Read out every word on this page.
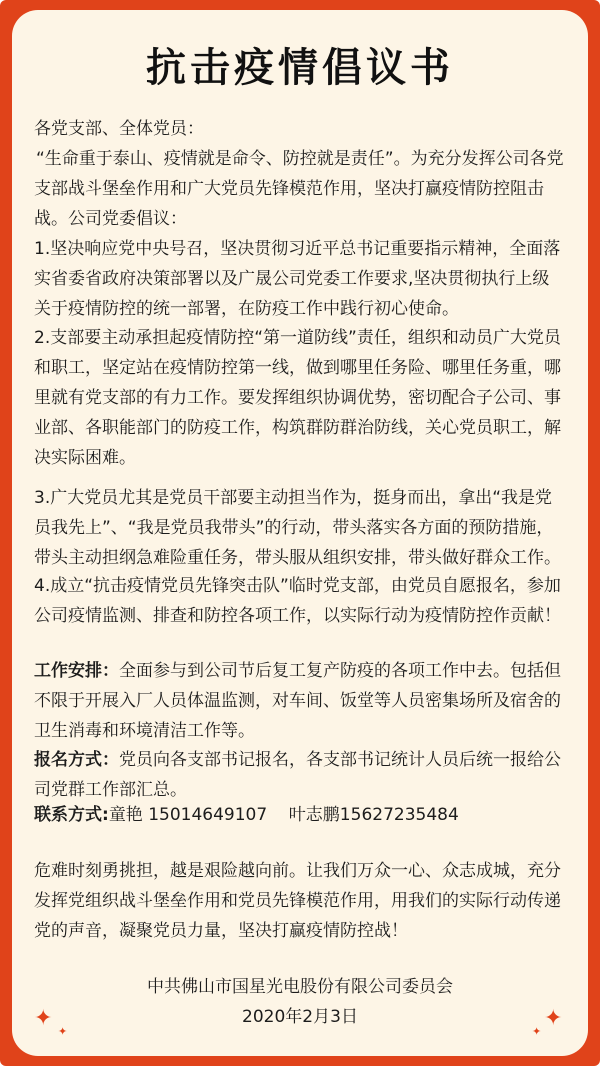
抗击疫情倡议书

各党支部、全体党员：

“生命重于泰山、疫情就是命令、防控就是责任”。为充分发挥公司各党支部战斗堡垒作用和广大党员先锋模范作用，坚决打赢疫情防控阻击战。公司党委倡议：

1.坚决响应党中央号召，坚决贯彻习近平总书记重要指示精神，全面落实省委省政府决策部署以及广晟公司党委工作要求,坚决贯彻执行上级关于疫情防控的统一部署，在防疫工作中践行初心使命。

2.支部要主动承担起疫情防控“第一道防线”责任，组织和动员广大党员和职工，坚定站在疫情防控第一线，做到哪里任务险、哪里任务重，哪里就有党支部的有力工作。要发挥组织协调优势，密切配合子公司、事业部、各职能部门的防疫工作，构筑群防群治防线，关心党员职工，解决实际困难。

3.广大党员尤其是党员干部要主动担当作为，挺身而出，拿出“我是党员我先上”、“我是党员我带头”的行动，带头落实各方面的预防措施，带头主动担纲急难险重任务，带头服从组织安排，带头做好群众工作。

4.成立“抗击疫情党员先锋突击队”临时党支部，由党员自愿报名，参加公司疫情监测、排查和防控各项工作，以实际行动为疫情防控作贡献！

工作安排：全面参与到公司节后复工复产防疫的各项工作中去。包括但不限于开展入厂人员体温监测，对车间、饭堂等人员密集场所及宿舍的卫生消毒和环境清洁工作等。

报名方式：党员向各支部书记报名，各支部书记统计人员后统一报给公司党群工作部汇总。

联系方式:童艳 15014649107    叶志鹏15627235484

危难时刻勇挑担，越是艰险越向前。让我们万众一心、众志成城，充分发挥党组织战斗堡垒作用和党员先锋模范作用，用我们的实际行动传递党的声音，凝聚党员力量，坚决打赢疫情防控战！

中共佛山市国星光电股份有限公司委员会

2020年2月3日

✦
✦
✦
✦
